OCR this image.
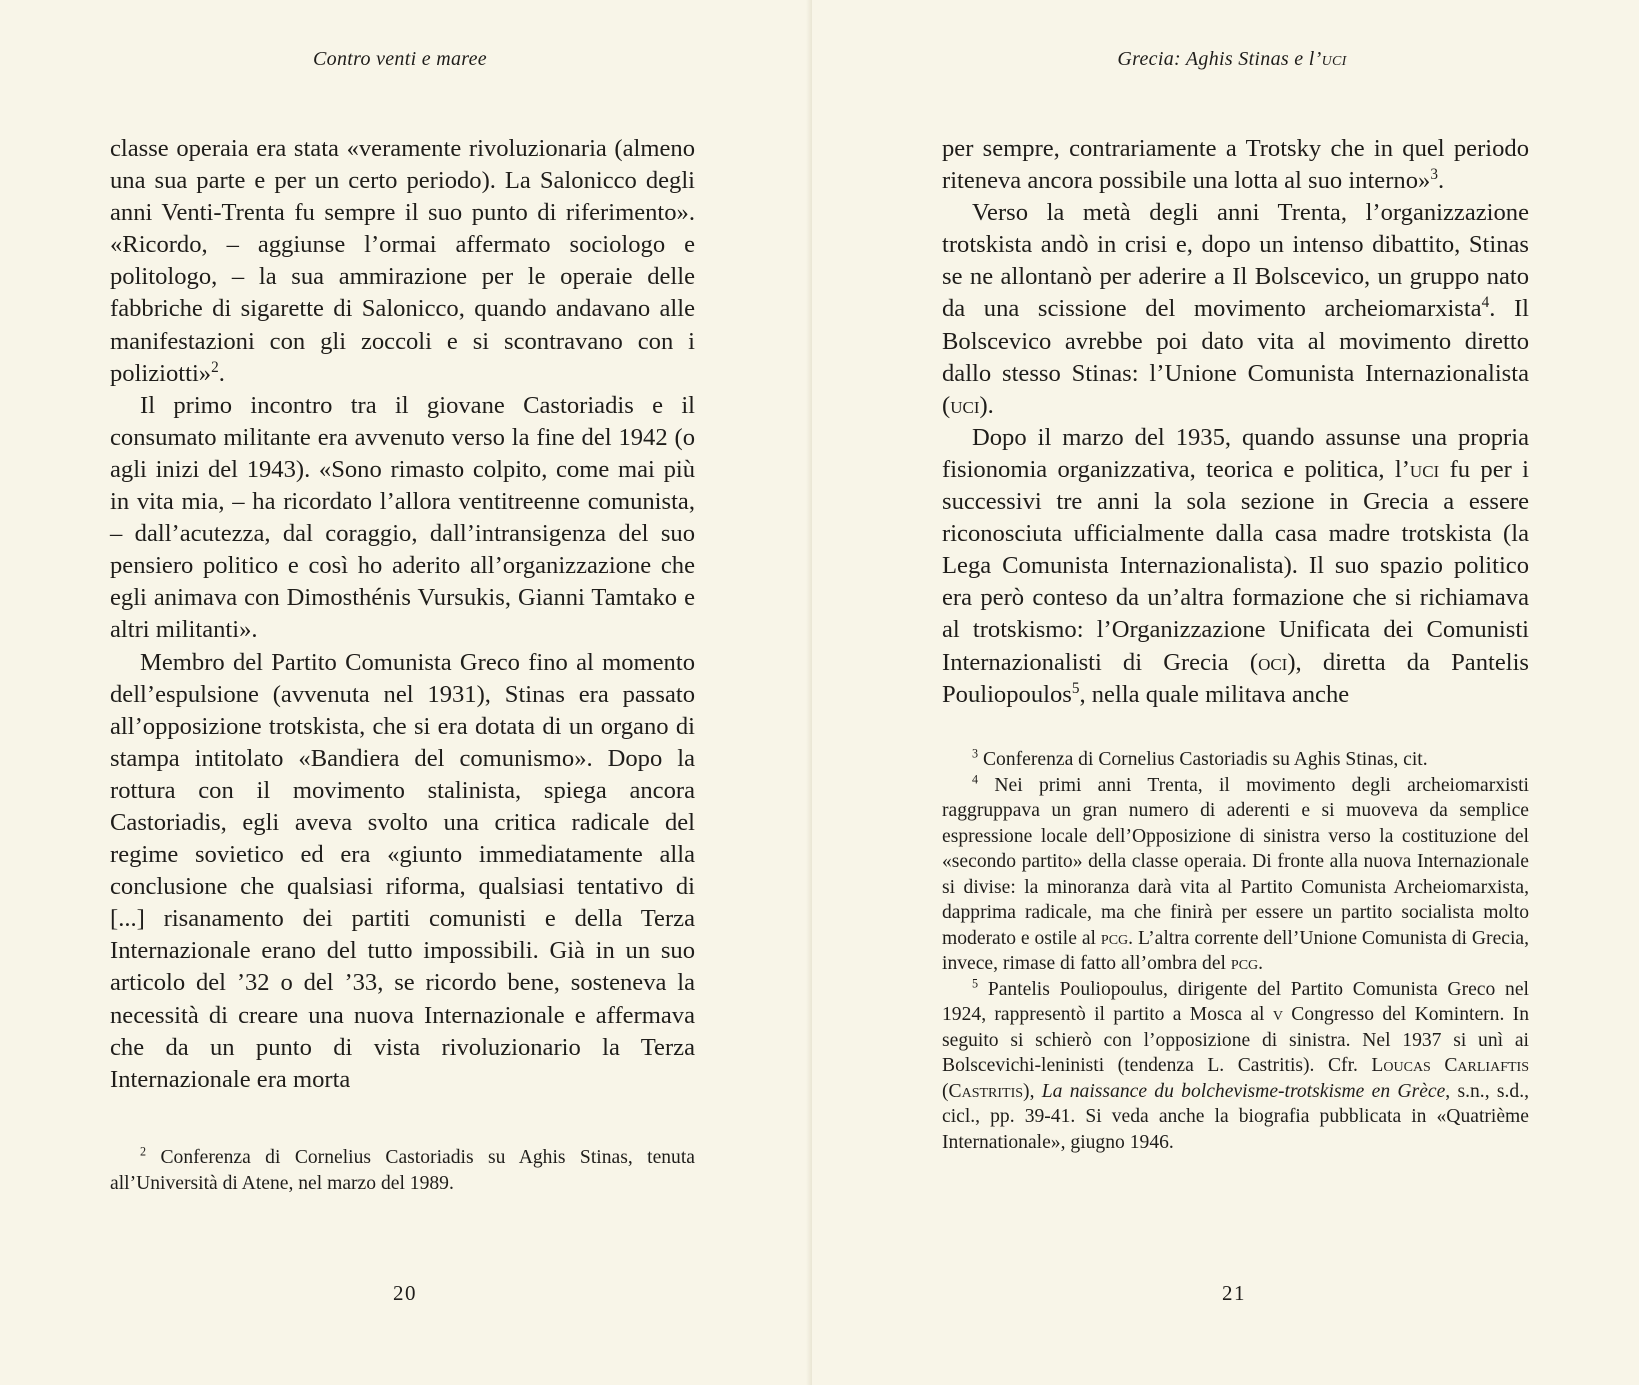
Contro venti e maree

classe operaia era stata «veramente rivoluzionaria (almeno una sua parte e per un certo periodo). La Salonicco degli anni Venti-Trenta fu sempre il suo punto di riferimento». «Ricordo, – aggiunse l’ormai affermato sociologo e politologo, – la sua ammirazione per le operaie delle fabbriche di sigarette di Salonicco, quando andavano alle manifestazioni con gli zoccoli e si scontravano con i poliziotti»$^2$.

Il primo incontro tra il giovane Castoriadis e il consumato militante era avvenuto verso la fine del 1942 (o agli inizi del 1943). «Sono rimasto colpito, come mai più in vita mia, – ha ricordato l’allora ventitreenne comunista, – dall’acutezza, dal coraggio, dall’intransigenza del suo pensiero politico e così ho aderito all’organizzazione che egli animava con Dimosthénis Vursukis, Gianni Tamtako e altri militanti».

Membro del Partito Comunista Greco fino al momento dell’espulsione (avvenuta nel 1931), Stinas era passato all’opposizione trotskista, che si era dotata di un organo di stampa intitolato «Bandiera del comunismo». Dopo la rottura con il movimento stalinista, spiega ancora Castoriadis, egli aveva svolto una critica radicale del regime sovietico ed era «giunto immediatamente alla conclusione che qualsiasi riforma, qualsiasi tentativo di [...] risanamento dei partiti comunisti e della Terza Internazionale erano del tutto impossibili. Già in un suo articolo del ’32 o del ’33, se ricordo bene, sosteneva la necessità di creare una nuova Internazionale e affermava che da un punto di vista rivoluzionario la Terza Internazionale era morta

$^2$ Conferenza di Cornelius Castoriadis su Aghis Stinas, tenuta all’Università di Atene, nel marzo del 1989.

20
Grecia: Aghis Stinas e l’uci

per sempre, contrariamente a Trotsky che in quel periodo riteneva ancora possibile una lotta al suo interno»$^3$.

Verso la metà degli anni Trenta, l’organizzazione trotskista andò in crisi e, dopo un intenso dibattito, Stinas se ne allontanò per aderire a Il Bolscevico, un gruppo nato da una scissione del movimento archeiomarxista$^4$. Il Bolscevico avrebbe poi dato vita al movimento diretto dallo stesso Stinas: l’Unione Comunista Internazionalista (uci).

Dopo il marzo del 1935, quando assunse una propria fisionomia organizzativa, teorica e politica, l’uci fu per i successivi tre anni la sola sezione in Grecia a essere riconosciuta ufficialmente dalla casa madre trotskista (la Lega Comunista Internazionalista). Il suo spazio politico era però conteso da un’altra formazione che si richiamava al trotskismo: l’Organizzazione Unificata dei Comunisti Internazionalisti di Grecia (oci), diretta da Pantelis Pouliopoulos$^5$, nella quale militava anche

$^3$ Conferenza di Cornelius Castoriadis su Aghis Stinas, cit.

$^4$ Nei primi anni Trenta, il movimento degli archeiomarxisti raggruppava un gran numero di aderenti e si muoveva da semplice espressione locale dell’Opposizione di sinistra verso la costituzione del «secondo partito» della classe operaia. Di fronte alla nuova Internazionale si divise: la minoranza darà vita al Partito Comunista Archeiomarxista, dapprima radicale, ma che finirà per essere un partito socialista molto moderato e ostile al pcg. L’altra corrente dell’Unione Comunista di Grecia, invece, rimase di fatto all’ombra del pcg.

$^5$ Pantelis Pouliopoulus, dirigente del Partito Comunista Greco nel 1924, rappresentò il partito a Mosca al v Congresso del Komintern. In seguito si schierò con l’opposizione di sinistra. Nel 1937 si unì ai Bolscevichi-leninisti (tendenza L. Castritis). Cfr. Loucas Carliaftis (Castritis), La naissance du bolchevisme-trotskisme en Grèce, s.n., s.d., cicl., pp. 39-41. Si veda anche la biografia pubblicata in «Quatrième Internationale», giugno 1946.

21
